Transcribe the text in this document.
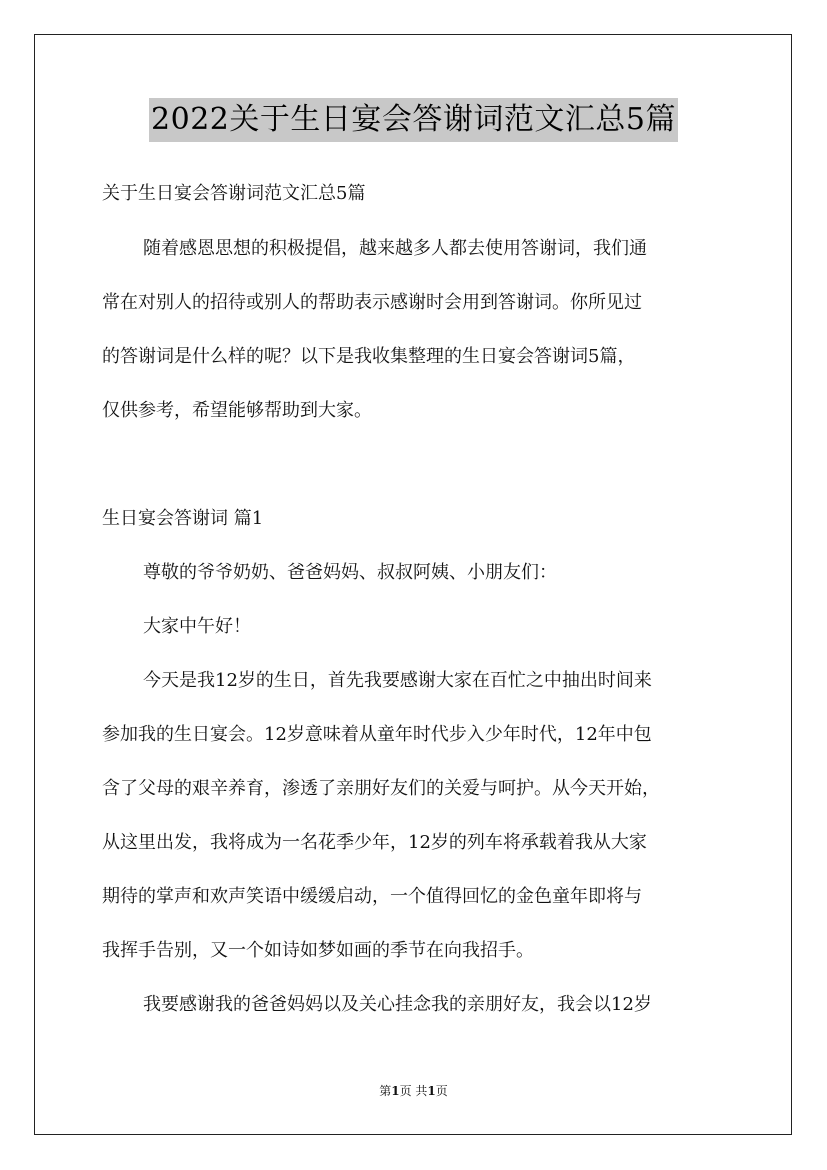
2022关于生日宴会答谢词范文汇总5篇
关于生日宴会答谢词范文汇总5篇
随着感恩思想的积极提倡，越来越多人都去使用答谢词，我们通
常在对别人的招待或别人的帮助表示感谢时会用到答谢词。你所见过
的答谢词是什么样的呢？以下是我收集整理的生日宴会答谢词5篇，
仅供参考，希望能够帮助到大家。
生日宴会答谢词 篇1
尊敬的爷爷奶奶、爸爸妈妈、叔叔阿姨、小朋友们：
大家中午好！
今天是我12岁的生日，首先我要感谢大家在百忙之中抽出时间来
参加我的生日宴会。12岁意味着从童年时代步入少年时代，12年中包
含了父母的艰辛养育，渗透了亲朋好友们的关爱与呵护。从今天开始，
从这里出发，我将成为一名花季少年，12岁的列车将承载着我从大家
期待的掌声和欢声笑语中缓缓启动，一个值得回忆的金色童年即将与
我挥手告别，又一个如诗如梦如画的季节在向我招手。
我要感谢我的爸爸妈妈以及关心挂念我的亲朋好友，我会以12岁
第1页 共1页
